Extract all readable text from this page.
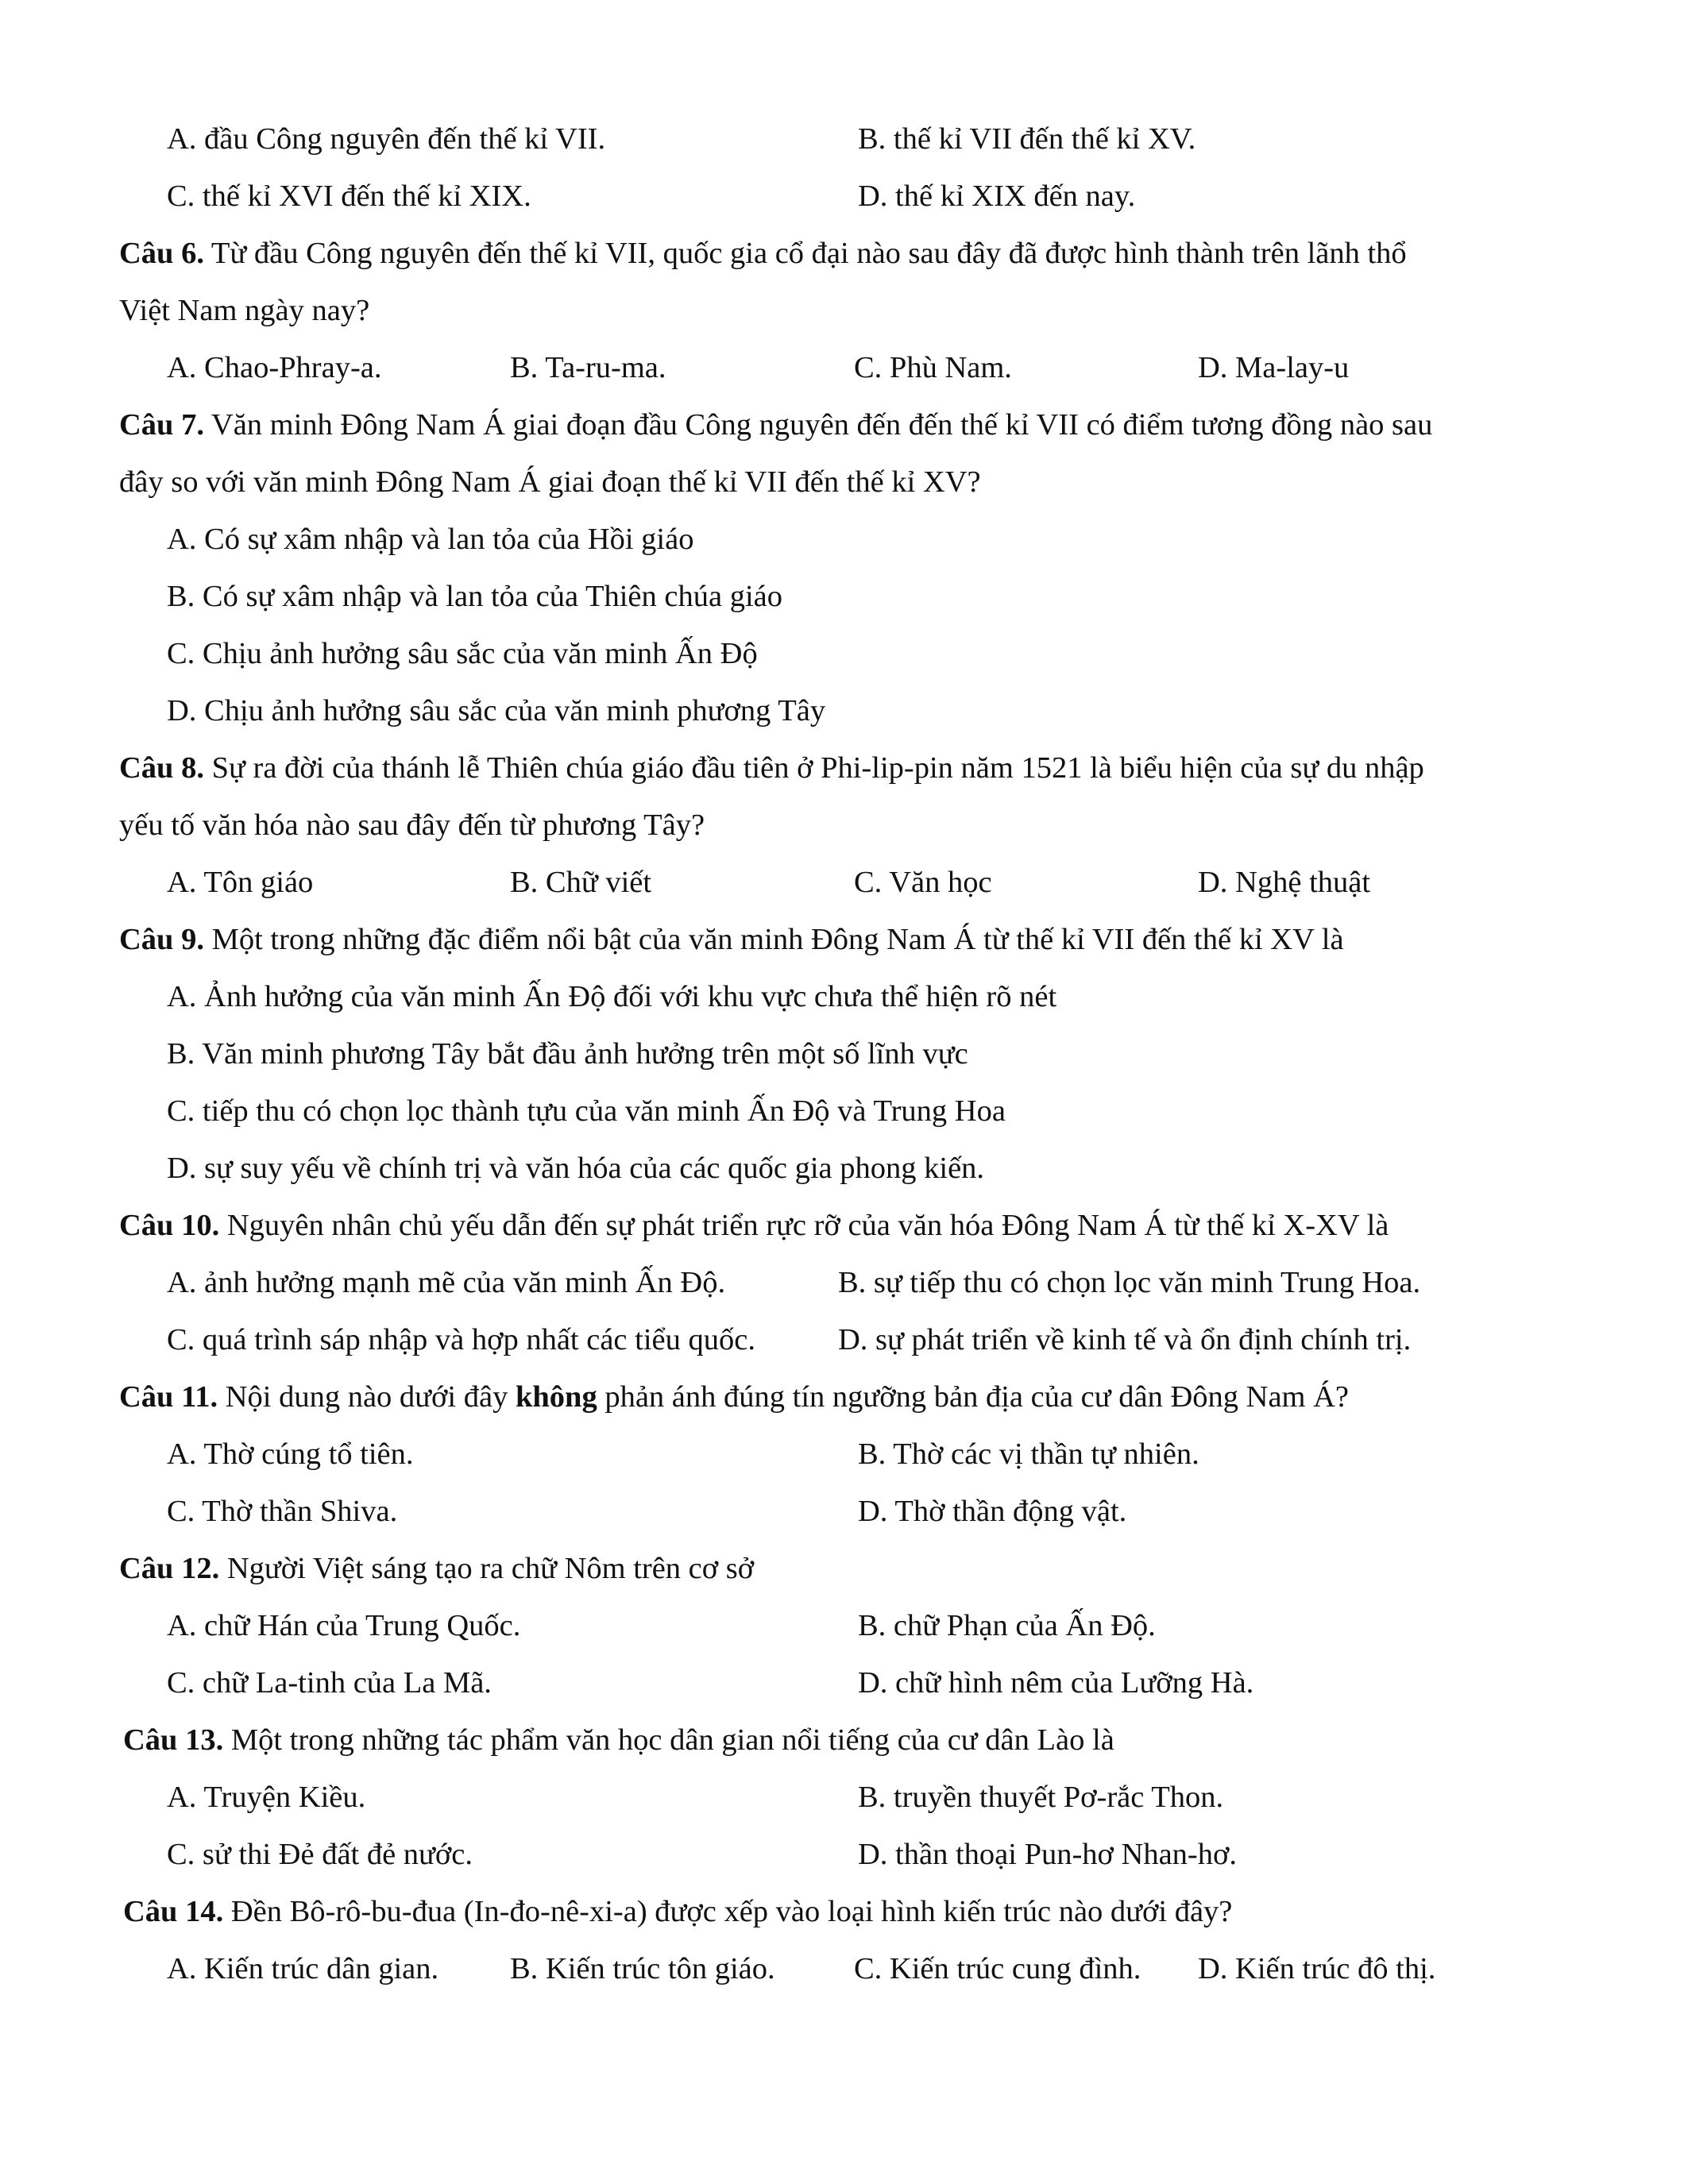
A. đầu Công nguyên đến thế kỉ VII.	B. thế kỉ VII đến thế kỉ XV.
C. thế kỉ XVI đến thế kỉ XIX.	D. thế kỉ XIX đến nay.
Câu 6. Từ đầu Công nguyên đến thế kỉ VII, quốc gia cổ đại nào sau đây đã được hình thành trên lãnh thổ
Việt Nam ngày nay?
A. Chao-Phray-a.	B. Ta-ru-ma.	C. Phù Nam.	D. Ma-lay-u
Câu 7. Văn minh Đông Nam Á giai đoạn đầu Công nguyên đến đến thế kỉ VII có điểm tương đồng nào sau
đây so với văn minh Đông Nam Á giai đoạn thế kỉ VII đến thế kỉ XV?
A. Có sự xâm nhập và lan tỏa của Hồi giáo
B. Có sự xâm nhập và lan tỏa của Thiên chúa giáo
C. Chịu ảnh hưởng sâu sắc của văn minh Ấn Độ
D. Chịu ảnh hưởng sâu sắc của văn minh phương Tây
Câu 8. Sự ra đời của thánh lễ Thiên chúa giáo đầu tiên ở Phi-lip-pin năm 1521 là biểu hiện của sự du nhập
yếu tố văn hóa nào sau đây đến từ phương Tây?
A. Tôn giáo	B. Chữ viết	C. Văn học	D. Nghệ thuật
Câu 9. Một trong những đặc điểm nổi bật của văn minh Đông Nam Á từ thế kỉ VII đến thế kỉ XV là
A. Ảnh hưởng của văn minh Ấn Độ đối với khu vực chưa thể hiện rõ nét
B. Văn minh phương Tây bắt đầu ảnh hưởng trên một số lĩnh vực
C. tiếp thu có chọn lọc thành tựu của văn minh Ấn Độ và Trung Hoa
D. sự suy yếu về chính trị và văn hóa của các quốc gia phong kiến.
Câu 10. Nguyên nhân chủ yếu dẫn đến sự phát triển rực rỡ của văn hóa Đông Nam Á từ thế kỉ X-XV là
A. ảnh hưởng mạnh mẽ của văn minh Ấn Độ.	B. sự tiếp thu có chọn lọc văn minh Trung Hoa.
C. quá trình sáp nhập và hợp nhất các tiểu quốc.	D. sự phát triển về kinh tế và ổn định chính trị.
Câu 11. Nội dung nào dưới đây không phản ánh đúng tín ngưỡng bản địa của cư dân Đông Nam Á?
A. Thờ cúng tổ tiên.	B. Thờ các vị thần tự nhiên.
C. Thờ thần Shiva.	D. Thờ thần động vật.
Câu 12. Người Việt sáng tạo ra chữ Nôm trên cơ sở
A. chữ Hán của Trung Quốc.	B. chữ Phạn của Ấn Độ.
C. chữ La-tinh của La Mã.	D. chữ hình nêm của Lưỡng Hà.
Câu 13. Một trong những tác phẩm văn học dân gian nổi tiếng của cư dân Lào là
A. Truyện Kiều.	B. truyền thuyết Pơ-rắc Thon.
C. sử thi Đẻ đất đẻ nước.	D. thần thoại Pun-hơ Nhan-hơ.
Câu 14. Đền Bô-rô-bu-đua (In-đo-nê-xi-a) được xếp vào loại hình kiến trúc nào dưới đây?
A. Kiến trúc dân gian. B. Kiến trúc tôn giáo.	C. Kiến trúc cung đình. D. Kiến trúc đô thị.
